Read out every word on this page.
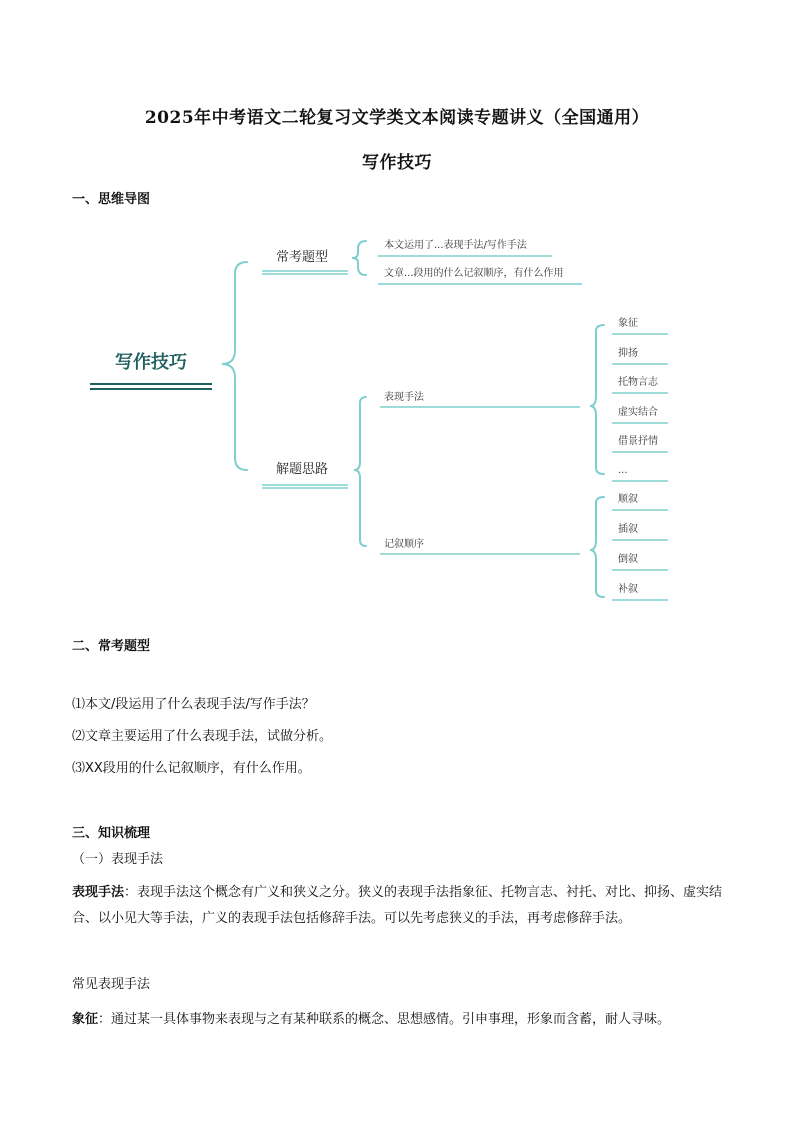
2025年中考语文二轮复习文学类文本阅读专题讲义（全国通用）
写作技巧
一、思维导图
写作技巧
常考题型
解题思路
本文运用了...表现手法/写作手法
文章...段用的什么记叙顺序，有什么作用
表现手法
记叙顺序
象征
抑扬
托物言志
虚实结合
借景抒情
...
顺叙
插叙
倒叙
补叙
二、常考题型
⑴本文/段运用了什么表现手法/写作手法？
⑵文章主要运用了什么表现手法，试做分析。
⑶XX段用的什么记叙顺序，有什么作用。
三、知识梳理
（一）表现手法
表现手法：表现手法这个概念有广义和狭义之分。狭义的表现手法指象征、托物言志、衬托、对比、抑扬、虚实结合、以小见大等手法，广义的表现手法包括修辞手法。可以先考虑狭义的手法，再考虑修辞手法。
常见表现手法
象征：通过某一具体事物来表现与之有某种联系的概念、思想感情。引申事理，形象而含蓄，耐人寻味。
